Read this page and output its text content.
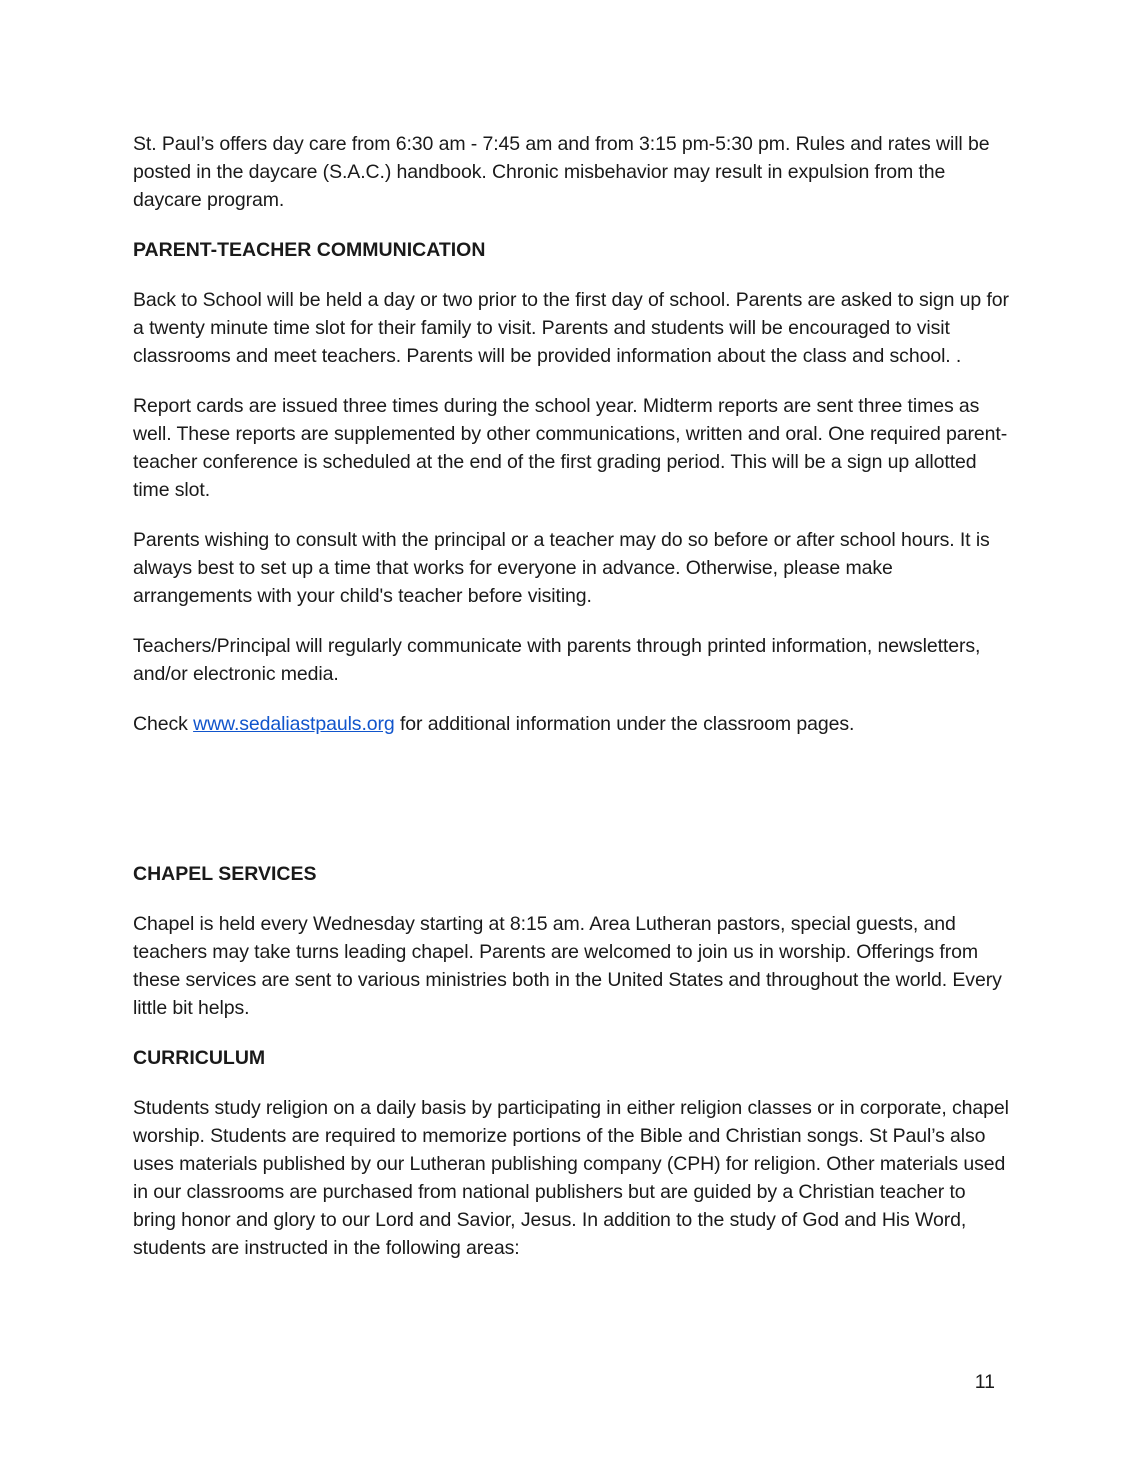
St. Paul’s offers day care from 6:30 am - 7:45 am and from 3:15 pm-5:30 pm. Rules and rates will be posted in the daycare (S.A.C.) handbook. Chronic misbehavior may result in expulsion from the daycare program.

PARENT-TEACHER COMMUNICATION

Back to School will be held a day or two prior to the first day of school. Parents are asked to sign up for a twenty minute time slot for their family to visit. Parents and students will be encouraged to visit classrooms and meet teachers. Parents will be provided information about the class and school. .

Report cards are issued three times during the school year. Midterm reports are sent three times as well. These reports are supplemented by other communications, written and oral. One required parent-teacher conference is scheduled at the end of the first grading period. This will be a sign up allotted time slot.

Parents wishing to consult with the principal or a teacher may do so before or after school hours. It is always best to set up a time that works for everyone in advance. Otherwise, please make arrangements with your child's teacher before visiting.

Teachers/Principal will regularly communicate with parents through printed information, newsletters, and/or electronic media.

Check www.sedaliastpauls.org for additional information under the classroom pages.

CHAPEL SERVICES

Chapel is held every Wednesday starting at 8:15 am. Area Lutheran pastors, special guests, and teachers may take turns leading chapel. Parents are welcomed to join us in worship. Offerings from these services are sent to various ministries both in the United States and throughout the world. Every little bit helps.

CURRICULUM

Students study religion on a daily basis by participating in either religion classes or in corporate, chapel worship. Students are required to memorize portions of the Bible and Christian songs. St Paul’s also uses materials published by our Lutheran publishing company (CPH) for religion. Other materials used in our classrooms are purchased from national publishers but are guided by a Christian teacher to bring honor and glory to our Lord and Savior, Jesus. In addition to the study of God and His Word, students are instructed in the following areas:

11
